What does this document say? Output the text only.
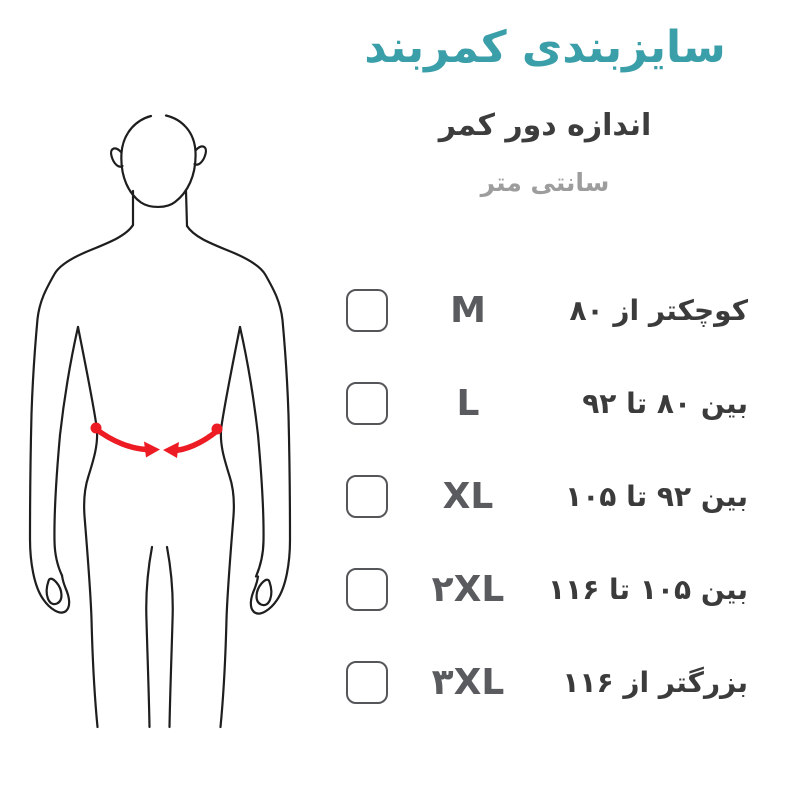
سایزبندی کمربند
اندازه دور کمر
سانتی متر
M	کوچکتر از ۸۰
L	بین ۸۰ تا ۹۲
XL	بین ۹۲ تا ۱۰۵
۲XL	بین ۱۰۵ تا ۱۱۶
۳XL	بزرگتر از ۱۱۶
